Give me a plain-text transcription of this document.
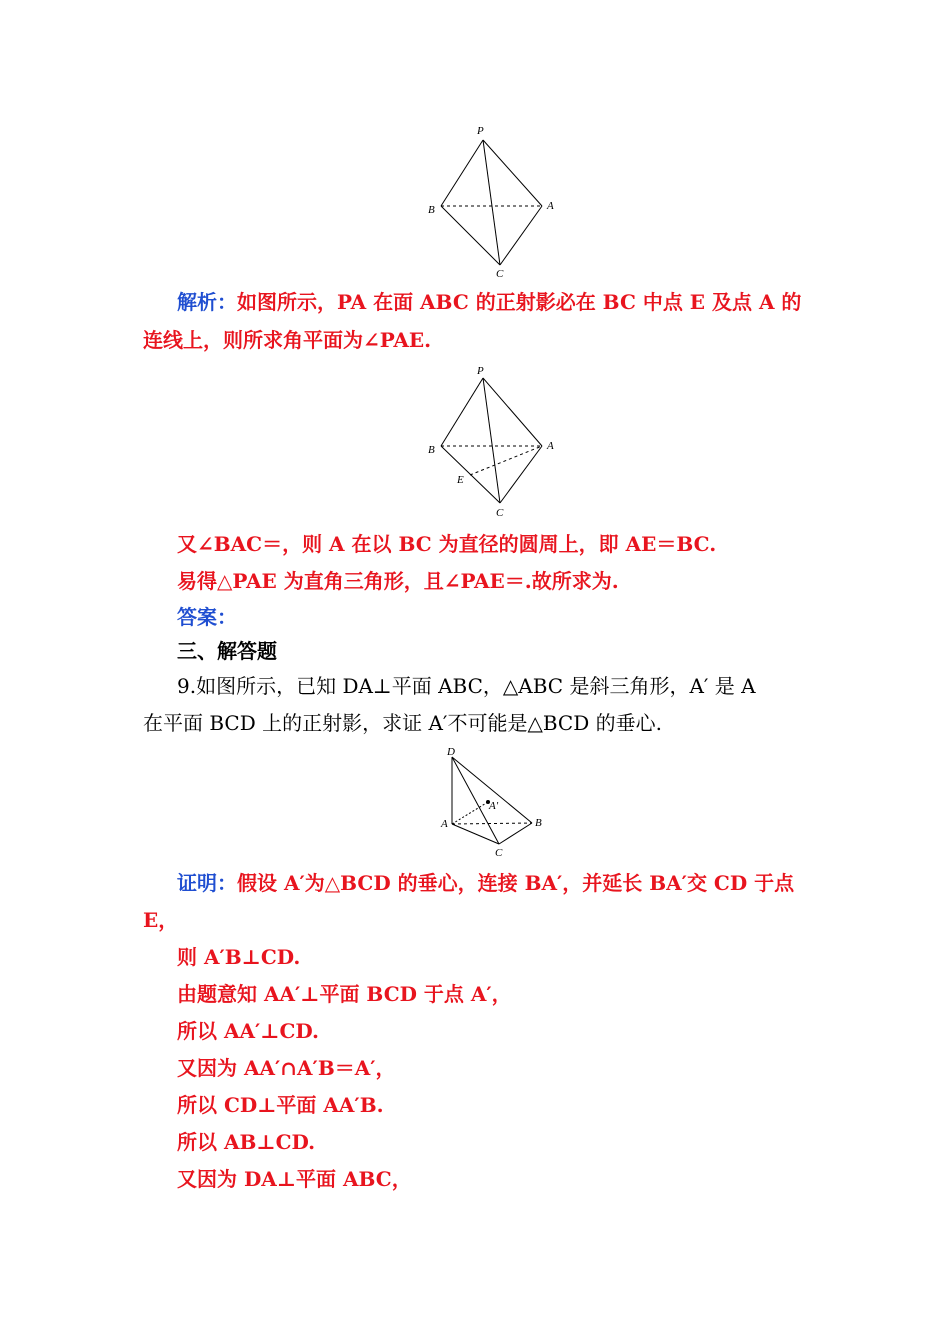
P
B	A
C
解析：如图所示，PA 在面 ABC 的正射影必在 BC 中点 E 及点 A 的
连线上，则所求角平面为∠PAE.
P
B	A
E
C
又∠BAC＝，则 A 在以 BC 为直径的圆周上，即 AE＝BC.
易得△PAE 为直角三角形，且∠PAE＝.故所求为.
答案：
三、解答题
9.如图所示，已知 DA⊥平面 ABC，△ABC 是斜三角形，A′ 是 A
在平面 BCD 上的正射影，求证 A′不可能是△BCD 的垂心.
D
A′
A	B
C
证明：假设 A′为△BCD 的垂心，连接 BA′，并延长 BA′交 CD 于点
E，
则 A′B⊥CD.
由题意知 AA′⊥平面 BCD 于点 A′，
所以 AA′⊥CD.
又因为 AA′∩A′B＝A′，
所以 CD⊥平面 AA′B.
所以 AB⊥CD.
又因为 DA⊥平面 ABC，
